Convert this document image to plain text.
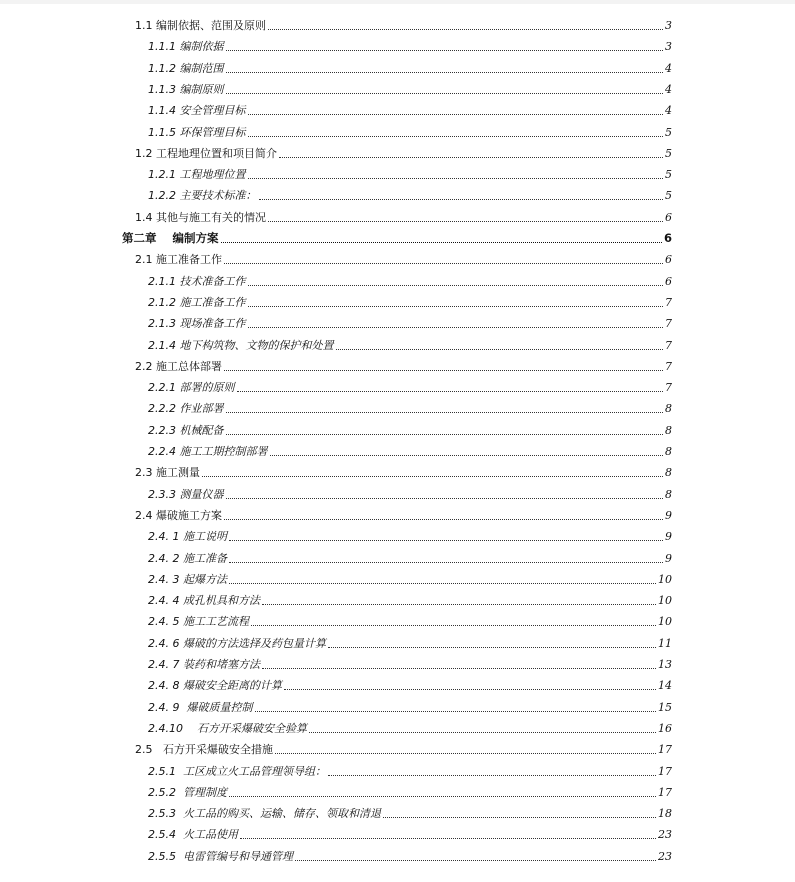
1.1 编制依据、范围及原则	3
1.1.1 编制依据	3
1.1.2 编制范围	4
1.1.3 编制原则	4
1.1.4 安全管理目标	4
1.1.5 环保管理目标	5
1.2 工程地理位置和项目简介	5
1.2.1 工程地理位置	5
1.2.2 主要技术标准：	5
1.4 其他与施工有关的情况	6
第二章 编制方案	6
2.1 施工准备工作	6
2.1.1 技术准备工作	6
2.1.2 施工准备工作	7
2.1.3 现场准备工作	7
2.1.4 地下构筑物、文物的保护和处置	7
2.2 施工总体部署	7
2.2.1 部署的原则	7
2.2.2 作业部署	8
2.2.3 机械配备	8
2.2.4 施工工期控制部署	8
2.3 施工测量	8
2.3.3 测量仪器	8
2.4 爆破施工方案	9
2.4. 1 施工说明	9
2.4. 2 施工准备	9
2.4. 3 起爆方法	10
2.4. 4 成孔机具和方法	10
2.4. 5 施工工艺流程	10
2.4. 6 爆破的方法选择及药包量计算	11
2.4. 7 装药和堵塞方法	13
2.4. 8 爆破安全距离的计算	14
2.4. 9  爆破质量控制	15
2.4.10    石方开采爆破安全验算	16
2.5   石方开采爆破安全措施	17
2.5.1  工区成立火工品管理领导组：	17
2.5.2  管理制度	17
2.5.3  火工品的购买、运输、储存、领取和清退	18
2.5.4  火工品使用	23
2.5.5  电雷管编号和导通管理	23
